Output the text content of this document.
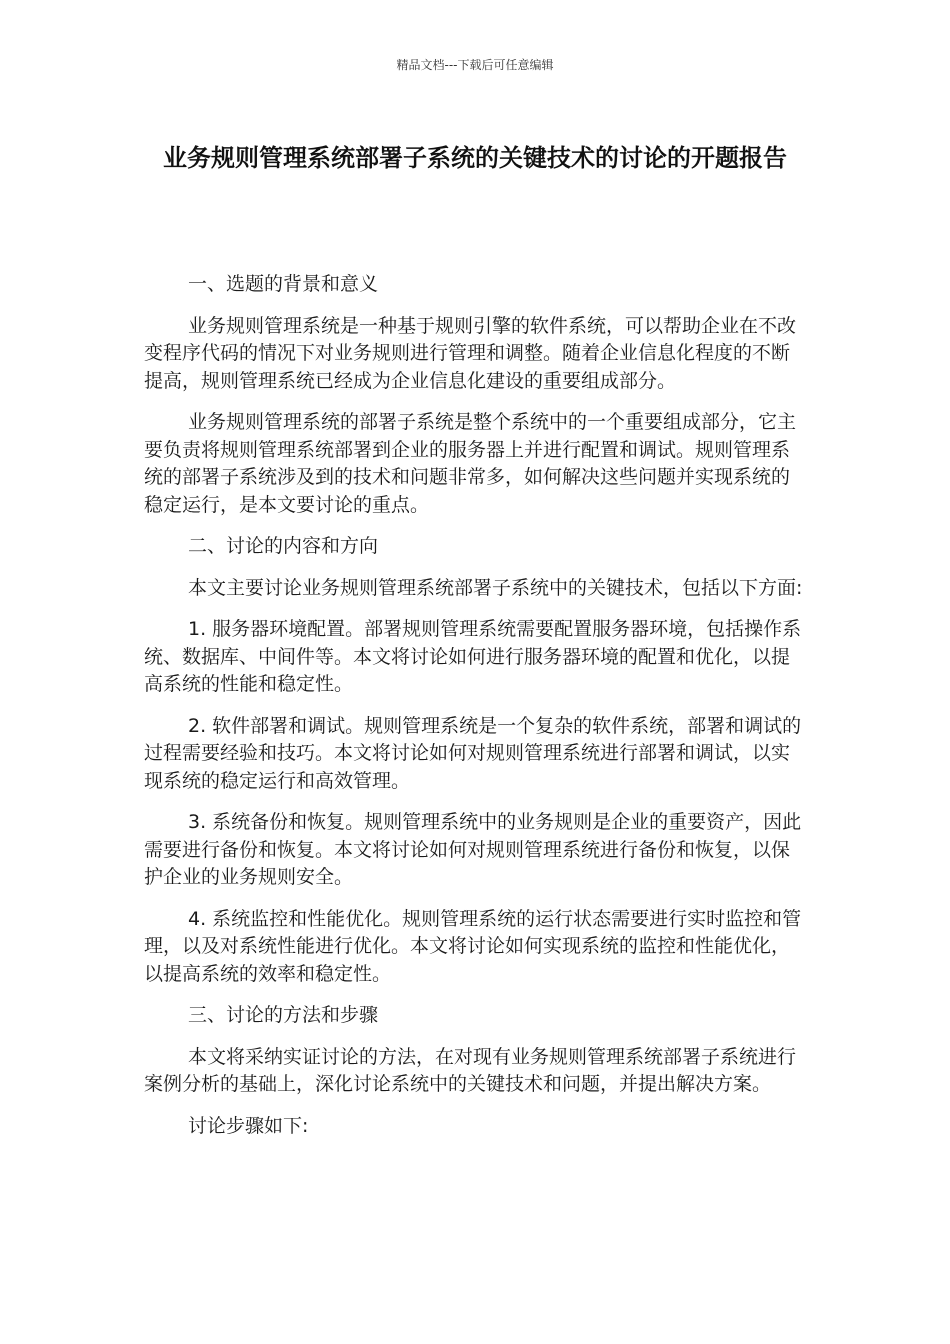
精品文档---下载后可任意编辑
业务规则管理系统部署子系统的关键技术的讨论的开题报告

一、选题的背景和意义

业务规则管理系统是一种基于规则引擎的软件系统，可以帮助企业在不改变程序代码的情况下对业务规则进行管理和调整。随着企业信息化程度的不断提高，规则管理系统已经成为企业信息化建设的重要组成部分。

业务规则管理系统的部署子系统是整个系统中的一个重要组成部分，它主要负责将规则管理系统部署到企业的服务器上并进行配置和调试。规则管理系统的部署子系统涉及到的技术和问题非常多，如何解决这些问题并实现系统的稳定运行，是本文要讨论的重点。

二、讨论的内容和方向

本文主要讨论业务规则管理系统部署子系统中的关键技术，包括以下方面:

1. 服务器环境配置。部署规则管理系统需要配置服务器环境，包括操作系统、数据库、中间件等。本文将讨论如何进行服务器环境的配置和优化，以提高系统的性能和稳定性。

2. 软件部署和调试。规则管理系统是一个复杂的软件系统，部署和调试的过程需要经验和技巧。本文将讨论如何对规则管理系统进行部署和调试，以实现系统的稳定运行和高效管理。

3. 系统备份和恢复。规则管理系统中的业务规则是企业的重要资产，因此需要进行备份和恢复。本文将讨论如何对规则管理系统进行备份和恢复，以保护企业的业务规则安全。

4. 系统监控和性能优化。规则管理系统的运行状态需要进行实时监控和管理，以及对系统性能进行优化。本文将讨论如何实现系统的监控和性能优化，以提高系统的效率和稳定性。

三、讨论的方法和步骤

本文将采纳实证讨论的方法，在对现有业务规则管理系统部署子系统进行案例分析的基础上，深化讨论系统中的关键技术和问题，并提出解决方案。

讨论步骤如下:
